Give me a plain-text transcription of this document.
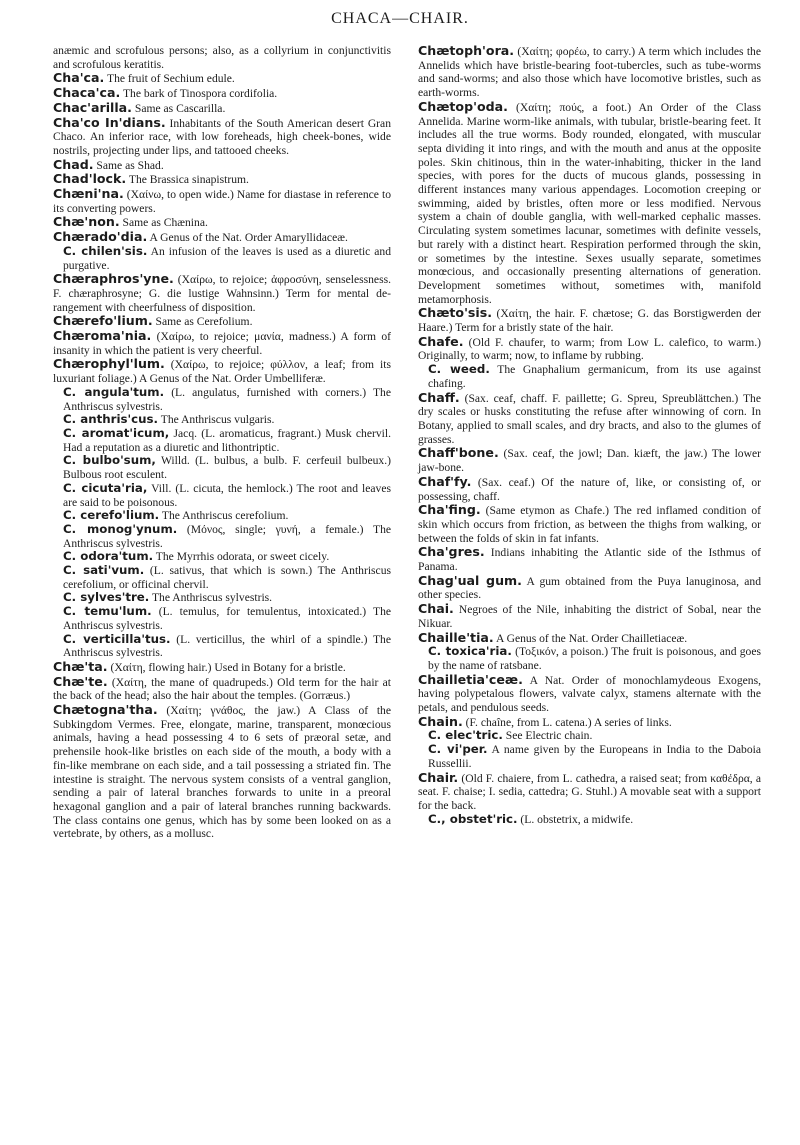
CHACA—CHAIR.

anæmic and scrofulous persons; also, as a collyrium in conjunctivitis and scrofulous keratitis.

Cha'ca. The fruit of Sechium edule.

Chaca'ca. The bark of Tinospora cordifolia.

Chac'arilla. Same as Cascarilla.

Cha'co In'dians. Inhabitants of the South American desert Gran Chaco. An inferior race, with low foreheads, high cheek-bones, wide nostrils, projecting under lips, and tattooed cheeks.

Chad. Same as Shad.

Chad'lock. The Brassica sinapistrum.

Chæni'na. (Χαίνω, to open wide.) Name for diastase in reference to its converting powers.

Chæ'non. Same as Chænina.

Chærado'dia. A Genus of the Nat. Order Amaryllidaceæ.

C. chilen'sis. An infusion of the leaves is used as a diuretic and purgative.

Chæraphros'yne. (Χαίρω, to rejoice; ἀφροσύνη, senselessness. F. chæraphrosyne; G. die lustige Wahnsinn.) Term for mental derangement with cheerfulness of disposition.

Chærefo'lium. Same as Cerefolium.

Chæroma'nia. (Χαίρω, to rejoice; μανία, madness.) A form of insanity in which the patient is very cheerful.

Chærophyl'lum. (Χαίρω, to rejoice; φύλλον, a leaf; from its luxuriant foliage.) A Genus of the Nat. Order Umbelliferæ.

C. angula'tum. (L. angulatus, furnished with corners.) The Anthriscus sylvestris.

C. anthris'cus. The Anthriscus vulgaris.

C. aromat'icum, Jacq. (L. aromaticus, fragrant.) Musk chervil. Had a reputation as a diuretic and lithontriptic.

C. bulbo'sum, Willd. (L. bulbus, a bulb. F. cerfeuil bulbeux.) Bulbous root esculent.

C. cicuta'ria, Vill. (L. cicuta, the hemlock.) The root and leaves are said to be poisonous.

C. cerefo'lium. The Anthriscus cerefolium.

C. monog'ynum. (Μόνος, single; γυνή, a female.) The Anthriscus sylvestris.

C. odora'tum. The Myrrhis odorata, or sweet cicely.

C. sati'vum. (L. sativus, that which is sown.) The Anthriscus cerefolium, or officinal chervil.

C. sylves'tre. The Anthriscus sylvestris.

C. temu'lum. (L. temulus, for temulentus, intoxicated.) The Anthriscus sylvestris.

C. verticilla'tus. (L. verticillus, the whirl of a spindle.) The Anthriscus sylvestris.

Chæ'ta. (Χαίτη, flowing hair.) Used in Botany for a bristle.

Chæ'te. (Χαίτη, the mane of quadrupeds.) Old term for the hair at the back of the head; also the hair about the temples. (Gorræus.)

Chætogna'tha. (Χαίτη; γνάθος, the jaw.) A Class of the Subkingdom Vermes. Free, elongate, marine, transparent, monœcious animals, having a head possessing 4 to 6 sets of præoral setæ, and prehensile hook-like bristles on each side of the mouth, a body with a fin-like membrane on each side, and a tail possessing a striated fin. The intestine is straight. The nervous system consists of a ventral ganglion, sending a pair of lateral branches forwards to unite in a preoral hexagonal ganglion and a pair of lateral branches running backwards. The class contains one genus, which has by some been looked on as a vertebrate, by others, as a mollusc.

Chætoph'ora. (Χαίτη; φορέω, to carry.) A term which includes the Annelids which have bristle-bearing foot-tubercles, such as tube-worms and sand-worms; and also those which have locomotive bristles, such as earth-worms.

Chætop'oda. (Χαίτη; πούς, a foot.) An Order of the Class Annelida. Marine worm-like animals, with tubular, bristle-bearing feet. It includes all the true worms. Body rounded, elongated, with muscular septa dividing it into rings, and with the mouth and anus at the opposite poles. Skin chitinous, thin in the water-inhabiting, thicker in the land species, with pores for the ducts of mucous glands, possessing in different instances many various appendages. Locomotion creeping or swimming, aided by bristles, often more or less modified. Nervous system a chain of double ganglia, with well-marked cephalic masses. Circulating system sometimes lacunar, sometimes with definite vessels, but rarely with a distinct heart. Respiration performed through the skin, or sometimes by the intestine. Sexes usually separate, sometimes monœcious, and occasionally presenting alternations of generation. Development sometimes without, sometimes with, manifold metamorphosis.

Chæto'sis. (Χαίτη, the hair. F. chætose; G. das Borstigwerden der Haare.) Term for a bristly state of the hair.

Chafe. (Old F. chaufer, to warm; from Low L. calefico, to warm.) Originally, to warm; now, to inflame by rubbing.

C. weed. The Gnaphalium germanicum, from its use against chafing.

Chaff. (Sax. ceaf, chaff. F. paillette; G. Spreu, Spreublättchen.) The dry scales or husks constituting the refuse after winnowing of corn. In Botany, applied to small scales, and dry bracts, and also to the glumes of grasses.

Chaff'bone. (Sax. ceaf, the jowl; Dan. kiæft, the jaw.) The lower jaw-bone.

Chaf'fy. (Sax. ceaf.) Of the nature of, like, or consisting of, or possessing, chaff.

Cha'fing. (Same etymon as Chafe.) The red inflamed condition of skin which occurs from friction, as between the thighs from walking, or between the folds of skin in fat infants.

Cha'gres. Indians inhabiting the Atlantic side of the Isthmus of Panama.

Chag'ual gum. A gum obtained from the Puya lanuginosa, and other species.

Chai. Negroes of the Nile, inhabiting the district of Sobal, near the Nikuar.

Chaille'tia. A Genus of the Nat. Order Chailletiaceæ.

C. toxica'ria. (Τοξικόν, a poison.) The fruit is poisonous, and goes by the name of ratsbane.

Chailletia'ceæ. A Nat. Order of monochlamydeous Exogens, having polypetalous flowers, valvate calyx, stamens alternate with the petals, and pendulous seeds.

Chain. (F. chaîne, from L. catena.) A series of links.

C. elec'tric. See Electric chain.

C. vi'per. A name given by the Europeans in India to the Daboia Russellii.

Chair. (Old F. chaiere, from L. cathedra, a raised seat; from καθέδρα, a seat. F. chaise; I. sedia, cattedra; G. Stuhl.) A movable seat with a support for the back.

C., obstet'ric. (L. obstetrix, a midwife.
